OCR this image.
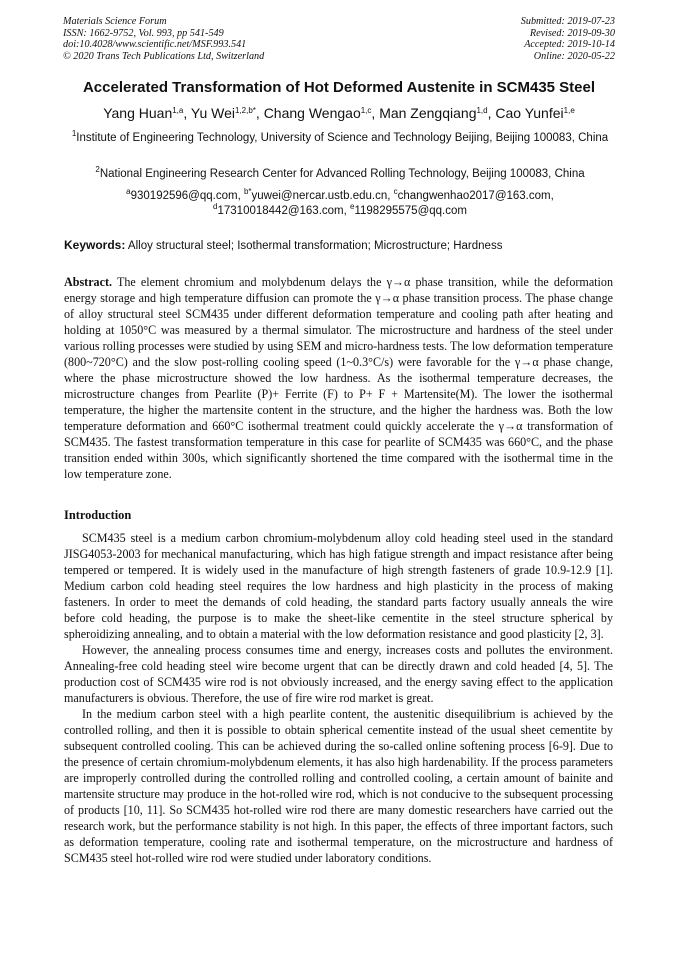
Materials Science Forum
ISSN: 1662-9752, Vol. 993, pp 541-549
doi:10.4028/www.scientific.net/MSF.993.541
© 2020 Trans Tech Publications Ltd, Switzerland
Submitted: 2019-07-23
Revised: 2019-09-30
Accepted: 2019-10-14
Online: 2020-05-22
Accelerated Transformation of Hot Deformed Austenite in SCM435 Steel
Yang Huan$^{1,a}$, Yu Wei$^{1,2,b*}$, Chang Wengao$^{1,c}$, Man Zengqiang$^{1,d}$, Cao Yunfei$^{1,e}$
$^1$Institute of Engineering Technology, University of Science and Technology Beijing, Beijing 100083, China
$^2$National Engineering Research Center for Advanced Rolling Technology, Beijing 100083, China
$^a$930192596@qq.com, $^{b*}$yuwei@nercar.ustb.edu.cn, $^c$changwenhao2017@163.com,
$^d$17310018442@163.com, $^e$1198295575@qq.com
Keywords: Alloy structural steel; Isothermal transformation; Microstructure; Hardness
Abstract. The element chromium and molybdenum delays the γ→α phase transition, while the deformation energy storage and high temperature diffusion can promote the γ→α phase transition process. The phase change of alloy structural steel SCM435 under different deformation temperature and cooling path after heating and holding at 1050°C was measured by a thermal simulator. The microstructure and hardness of the steel under various rolling processes were studied by using SEM and micro-hardness tests. The low deformation temperature (800~720°C) and the slow post-rolling cooling speed (1~0.3°C/s) were favorable for the γ→α phase change, where the phase microstructure showed the low hardness. As the isothermal temperature decreases, the microstructure changes from Pearlite (P)+ Ferrite (F) to P+ F + Martensite(M). The lower the isothermal temperature, the higher the martensite content in the structure, and the higher the hardness was. Both the low temperature deformation and 660°C isothermal treatment could quickly accelerate the γ→α transformation of SCM435. The fastest transformation temperature in this case for pearlite of SCM435 was 660°C, and the phase transition ended within 300s, which significantly shortened the time compared with the isothermal time in the low temperature zone.
Introduction

SCM435 steel is a medium carbon chromium-molybdenum alloy cold heading steel used in the standard JISG4053-2003 for mechanical manufacturing, which has high fatigue strength and impact resistance after being tempered or tempered. It is widely used in the manufacture of high strength fasteners of grade 10.9-12.9 [1]. Medium carbon cold heading steel requires the low hardness and high plasticity in the process of making fasteners. In order to meet the demands of cold heading, the standard parts factory usually anneals the wire before cold heading, the purpose is to make the sheet-like cementite in the steel structure spherical by spheroidizing annealing, and to obtain a material with the low deformation resistance and good plasticity [2, 3].

However, the annealing process consumes time and energy, increases costs and pollutes the environment. Annealing-free cold heading steel wire become urgent that can be directly drawn and cold headed [4, 5]. The production cost of SCM435 wire rod is not obviously increased, and the energy saving effect to the application manufacturers is obvious. Therefore, the use of fire wire rod market is great.

In the medium carbon steel with a high pearlite content, the austenitic disequilibrium is achieved by the controlled rolling, and then it is possible to obtain spherical cementite instead of the usual sheet cementite by subsequent controlled cooling. This can be achieved during the so-called online softening process [6-9]. Due to the presence of certain chromium-molybdenum elements, it has also high hardenability. If the process parameters are improperly controlled during the controlled rolling and controlled cooling, a certain amount of bainite and martensite structure may produce in the hot-rolled wire rod, which is not conducive to the subsequent processing of products [10, 11]. So SCM435 hot-rolled wire rod there are many domestic researchers have carried out the research work, but the performance stability is not high. In this paper, the effects of three important factors, such as deformation temperature, cooling rate and isothermal temperature, on the microstructure and hardness of SCM435 steel hot-rolled wire rod were studied under laboratory conditions.
